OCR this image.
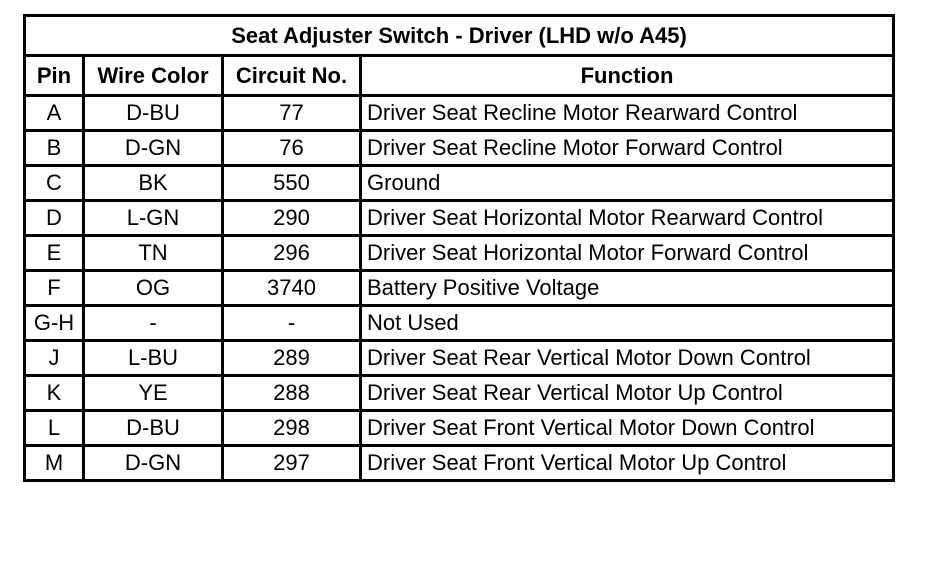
Seat Adjuster Switch - Driver (LHD w/o A45)			
Pin	Wire Color	Circuit No.	Function
A	D-BU	77	Driver Seat Recline Motor Rearward Control
B	D-GN	76	Driver Seat Recline Motor Forward Control
C	BK	550	Ground
D	L-GN	290	Driver Seat Horizontal Motor Rearward Control
E	TN	296	Driver Seat Horizontal Motor Forward Control
F	OG	3740	Battery Positive Voltage
G-H	-	-	Not Used
J	L-BU	289	Driver Seat Rear Vertical Motor Down Control
K	YE	288	Driver Seat Rear Vertical Motor Up Control
L	D-BU	298	Driver Seat Front Vertical Motor Down Control
M	D-GN	297	Driver Seat Front Vertical Motor Up Control
